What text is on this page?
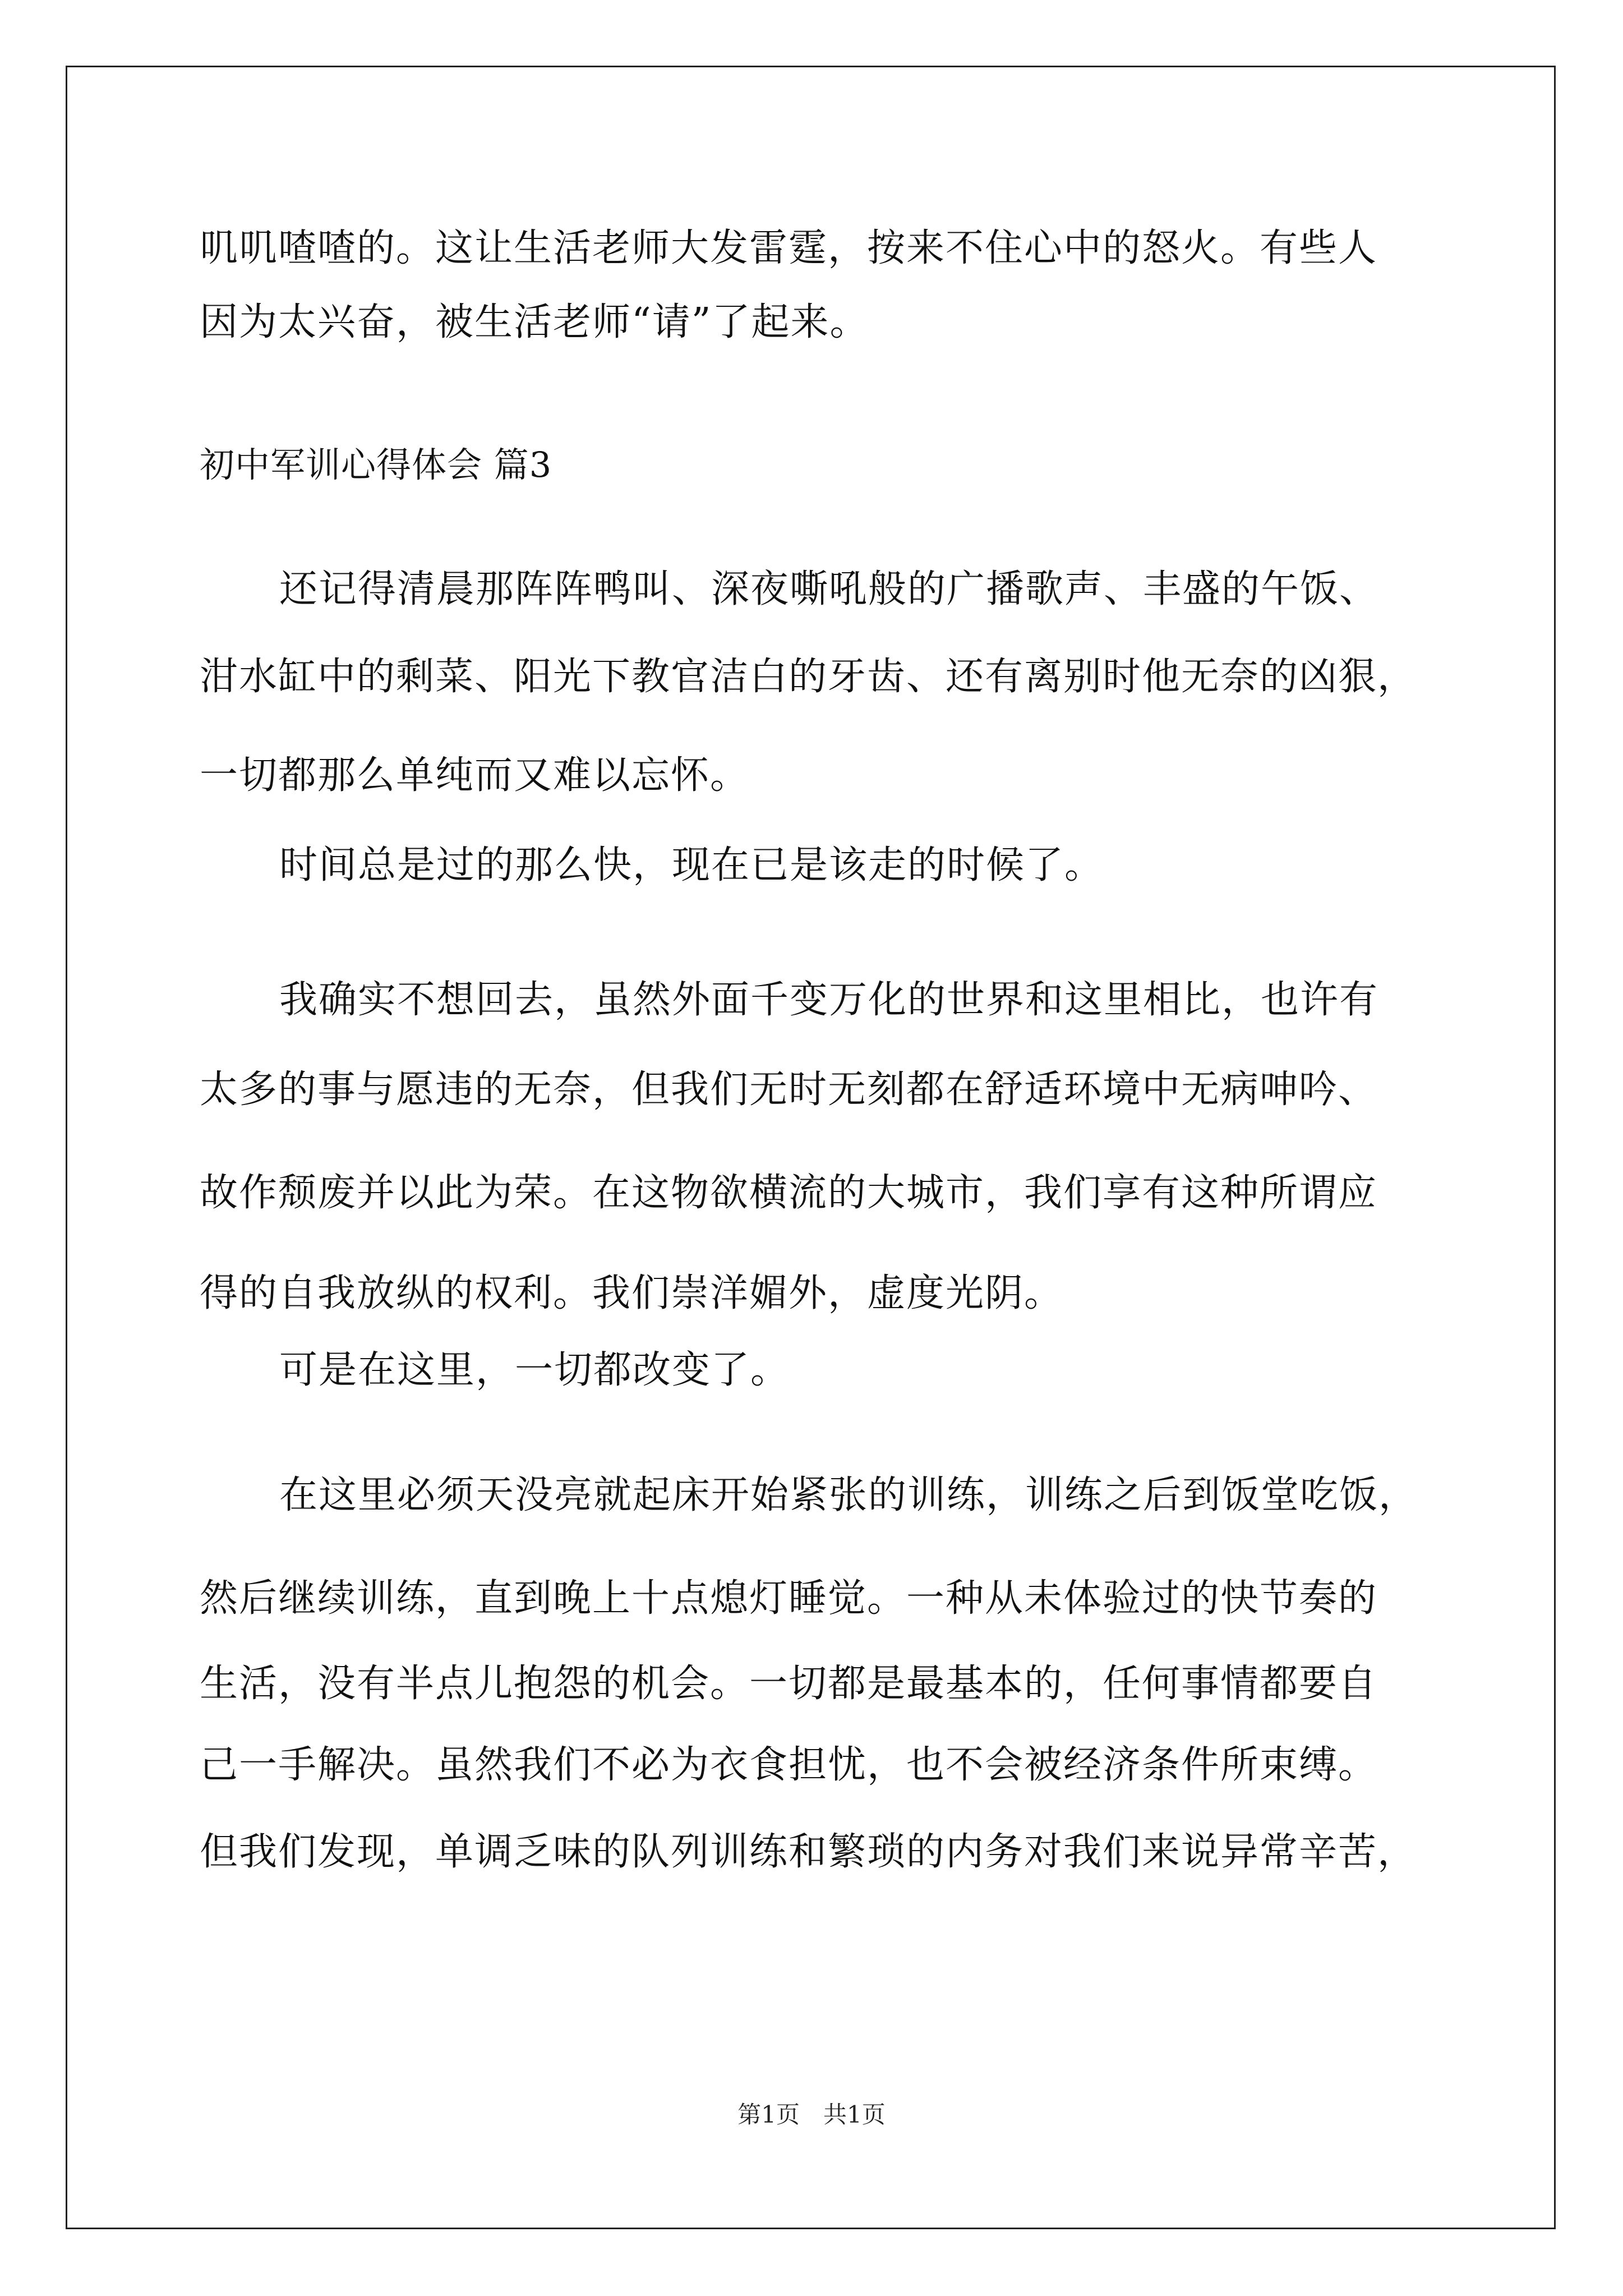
叽叽喳喳的。这让生活老师大发雷霆，按来不住心中的怒火。有些人
因为太兴奋，被生活老师“请”了起来。
初中军训心得体会 篇3
还记得清晨那阵阵鸭叫、深夜嘶吼般的广播歌声、丰盛的午饭、
泔水缸中的剩菜、阳光下教官洁白的牙齿、还有离别时他无奈的凶狠，
一切都那么单纯而又难以忘怀。
时间总是过的那么快，现在已是该走的时候了。
我确实不想回去，虽然外面千变万化的世界和这里相比，也许有
太多的事与愿违的无奈，但我们无时无刻都在舒适环境中无病呻吟、
故作颓废并以此为荣。在这物欲横流的大城市，我们享有这种所谓应
得的自我放纵的权利。我们崇洋媚外，虚度光阴。
可是在这里，一切都改变了。
在这里必须天没亮就起床开始紧张的训练，训练之后到饭堂吃饭，
然后继续训练，直到晚上十点熄灯睡觉。一种从未体验过的快节奏的
生活，没有半点儿抱怨的机会。一切都是最基本的，任何事情都要自
己一手解决。虽然我们不必为衣食担忧，也不会被经济条件所束缚。
但我们发现，单调乏味的队列训练和繁琐的内务对我们来说异常辛苦，
第1页　共1页
